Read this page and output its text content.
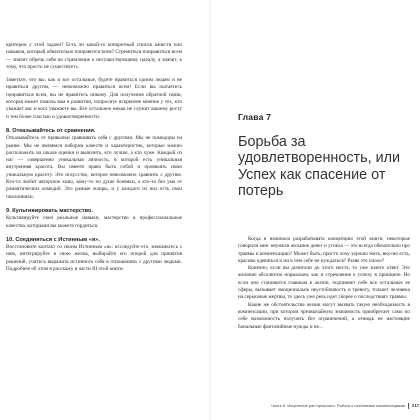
критерии у этой задачи? Есть ли какой-то конкретный список качеств или навыков, который обязательно понравится всем? Стремиться понравиться всем — значит обречь себя на стремление к несуществующему идеалу, а значит, к тому, что просто не существует».

Заметьте, что вы, как и все остальные, будете нравиться одним людям и не нравиться другим, — невозможно нравиться всем! Если вы пытаетесь понравиться всем, вы не нравитесь никому. Для получения обратной связи, которая может помочь вам в развитии, попросите искреннее мнение у тех, кто уважает вас и кого уважаете вы. Все остальное никак не служит вашему росту и тем более счастью и удовлетворенности.

8. Отказывайтесь от сравнения.

Отказывайтесь от привычки сравнивать себя с другими. Мы не помидоры на рынке. Мы не являемся набором качеств и характеристик, которые можно расположить на шкале оценки и выяснить, кто лучше, а кто хуже. Каждый из нас — совершенно уникальная личность, в которой есть уникальная внутренняя красота. Вы имеете право быть собой и проявлять свою уникальную красоту. Это искусство, которое невозможно сравнить с другим. Кто-то любит авторское кино, кому-то по душе боевики, а кто-то без ума от романтических комедий. Это разные жанры, и у каждого из них есть свои поклонники.

9. Культивировать мастерство.

Культивируйте свои реальные навыки, мастерство и профессиональные качества, которыми вы можете гордиться.

10. Соединяться с Истинным «я».

Восстановите контакт со своим Истинным «я»: исследуйте его, знакомьтесь с ним, интегрируйте в свою жизнь, выбирайте его опорой для принятия решений, учитесь выражать истинного себя в отношениях с другими людьми. Подробнее об этом я расскажу в части III этой книги.

Глава 7
Борьба за удовлетворенность, или Успех как спасение от потерь

Когда я начинала разрабатывать концепцию этой книги, некоторые говорили мне: неужели желание денег и успеха — это всегда обязательно про травмы и компенсацию? Может быть, просто хочу хорошо жить, вкусно есть, красиво одеваться и ни в чем себе не нуждаться? Разве это плохо?

Конечно, если вы дочитали до этого места, то уже знаете ответ. Это желание абсолютно нормально, как и стремление к успеху в принципе. Но если оно становится главным в жизни, подчиняет себе все остальные ее сферы, вызывает эмоционально неустойчивость и тревогу, толкает человека на серьезные жертвы, то здесь уже речь идет скорее о последствиях травмы.

Какие же обстоятельства жизни могут вызвать такую необходимость в компенсации, при котором чрезвычайную значимость приобретает само по себе возможность получить без ограничений, а отнюдь не настоящие банальные фантазийные нужды и не...

Часть II. Исцеление ран прошлого. Работа с истинными компенсациями 217
